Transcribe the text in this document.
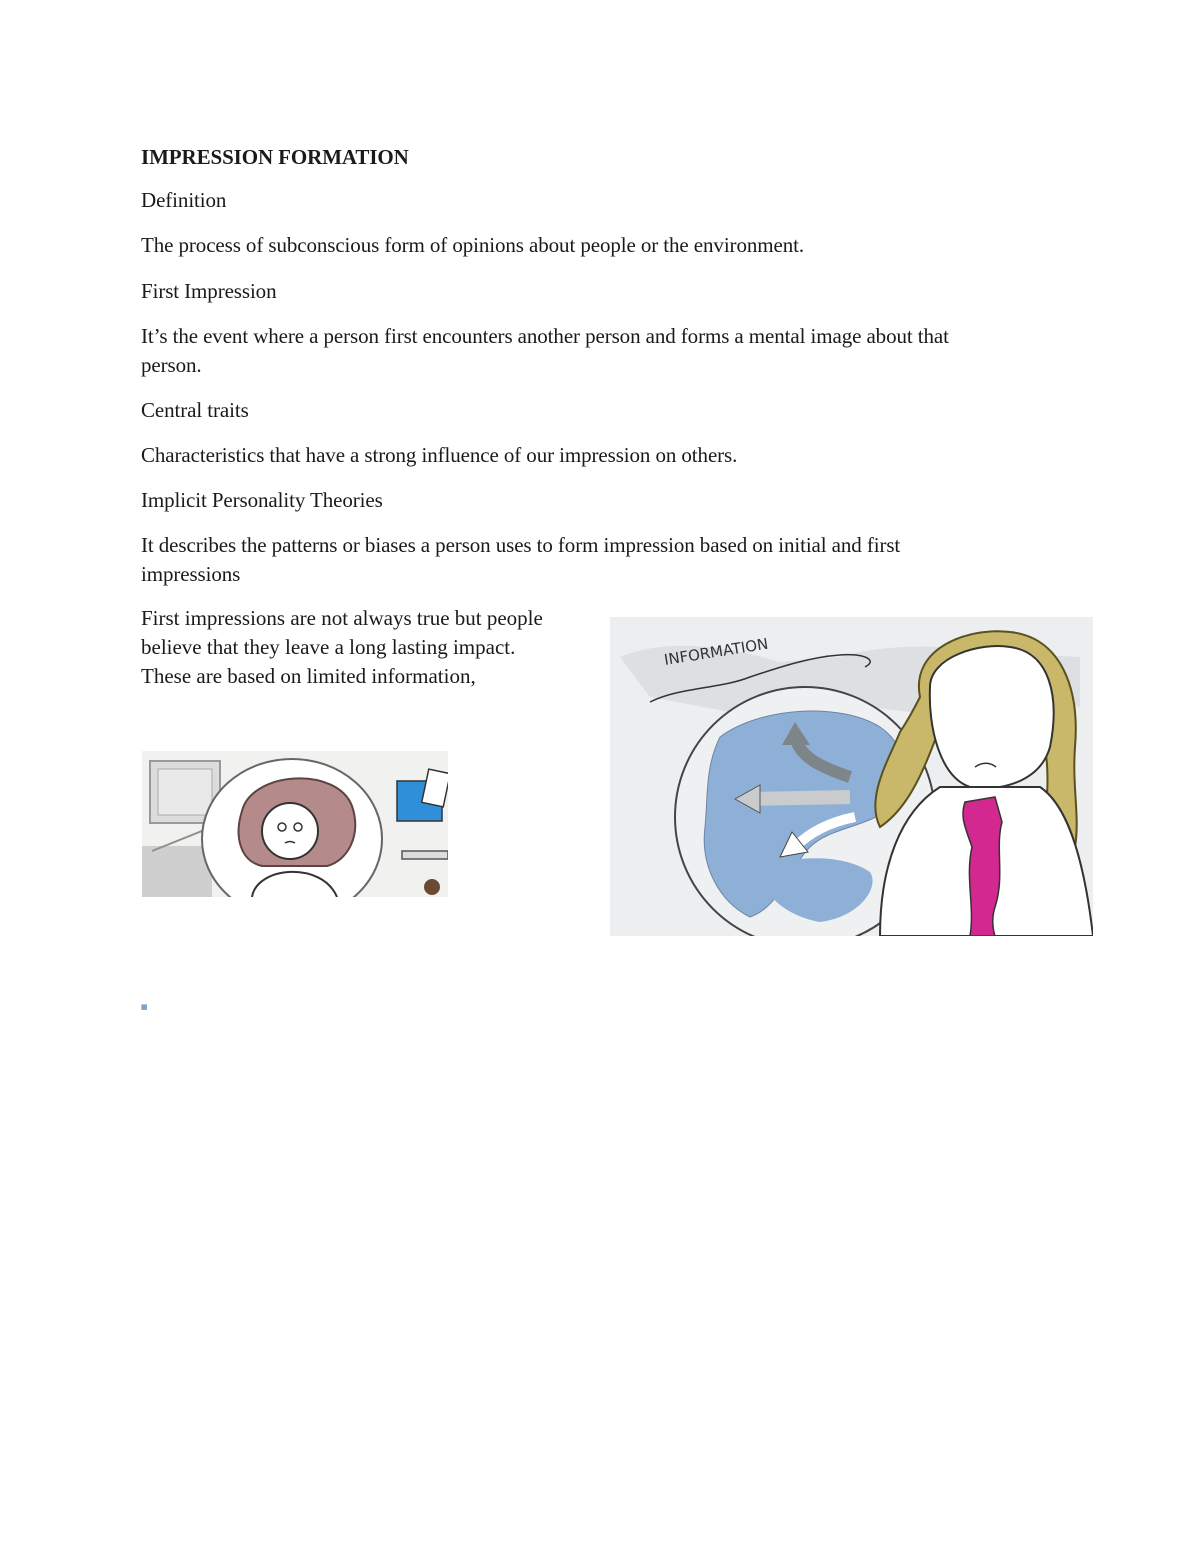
IMPRESSION FORMATION
Definition
The process of subconscious form of opinions about people or the environment.
First Impression
It’s the event where a person first encounters another person and forms a mental image about that
person.
Central traits
Characteristics that have a strong influence of our impression on others.
Implicit Personality Theories
It describes the patterns or biases a person uses to form impression based on initial and first
impressions
First impressions are not always true but people
believe that they leave a long lasting impact.
These are based on limited information,
INFORMATION
@S
▦
